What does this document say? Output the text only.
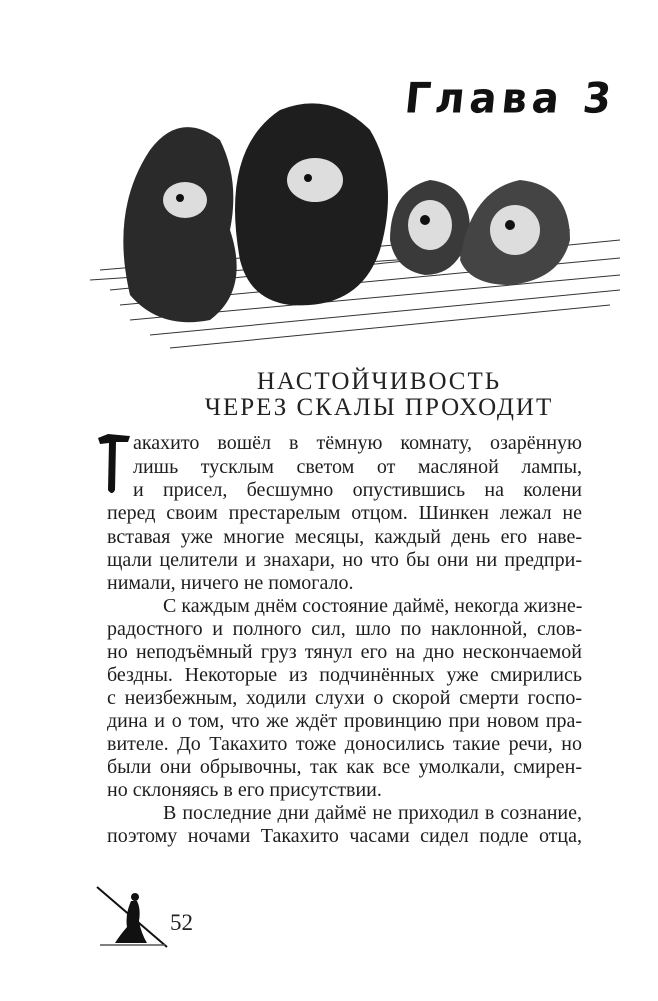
Глава 3
НАСТОЙЧИВОСТЬ
ЧЕРЕЗ СКАЛЫ ПРОХОДИТ
акахито вошёл в тёмную комнату, озарённую
лишь тусклым светом от масляной лампы,
и присел, бесшумно опустившись на колени
перед своим престарелым отцом. Шинкен лежал не
вставая уже многие месяцы, каждый день его наве-
щали целители и знахари, но что бы они ни предпри-
нимали, ничего не помогало.
С каждым днём состояние даймё, некогда жизне-
радостного и полного сил, шло по наклонной, слов-
но неподъёмный груз тянул его на дно нескончаемой
бездны. Некоторые из подчинённых уже смирились
с неизбежным, ходили слухи о скорой смерти госпо-
дина и о том, что же ждёт провинцию при новом пра-
вителе. До Такахито тоже доносились такие речи, но
были они обрывочны, так как все умолкали, смирен-
но склоняясь в его присутствии.
В последние дни даймё не приходил в сознание,
поэтому ночами Такахито часами сидел подле отца,
52
